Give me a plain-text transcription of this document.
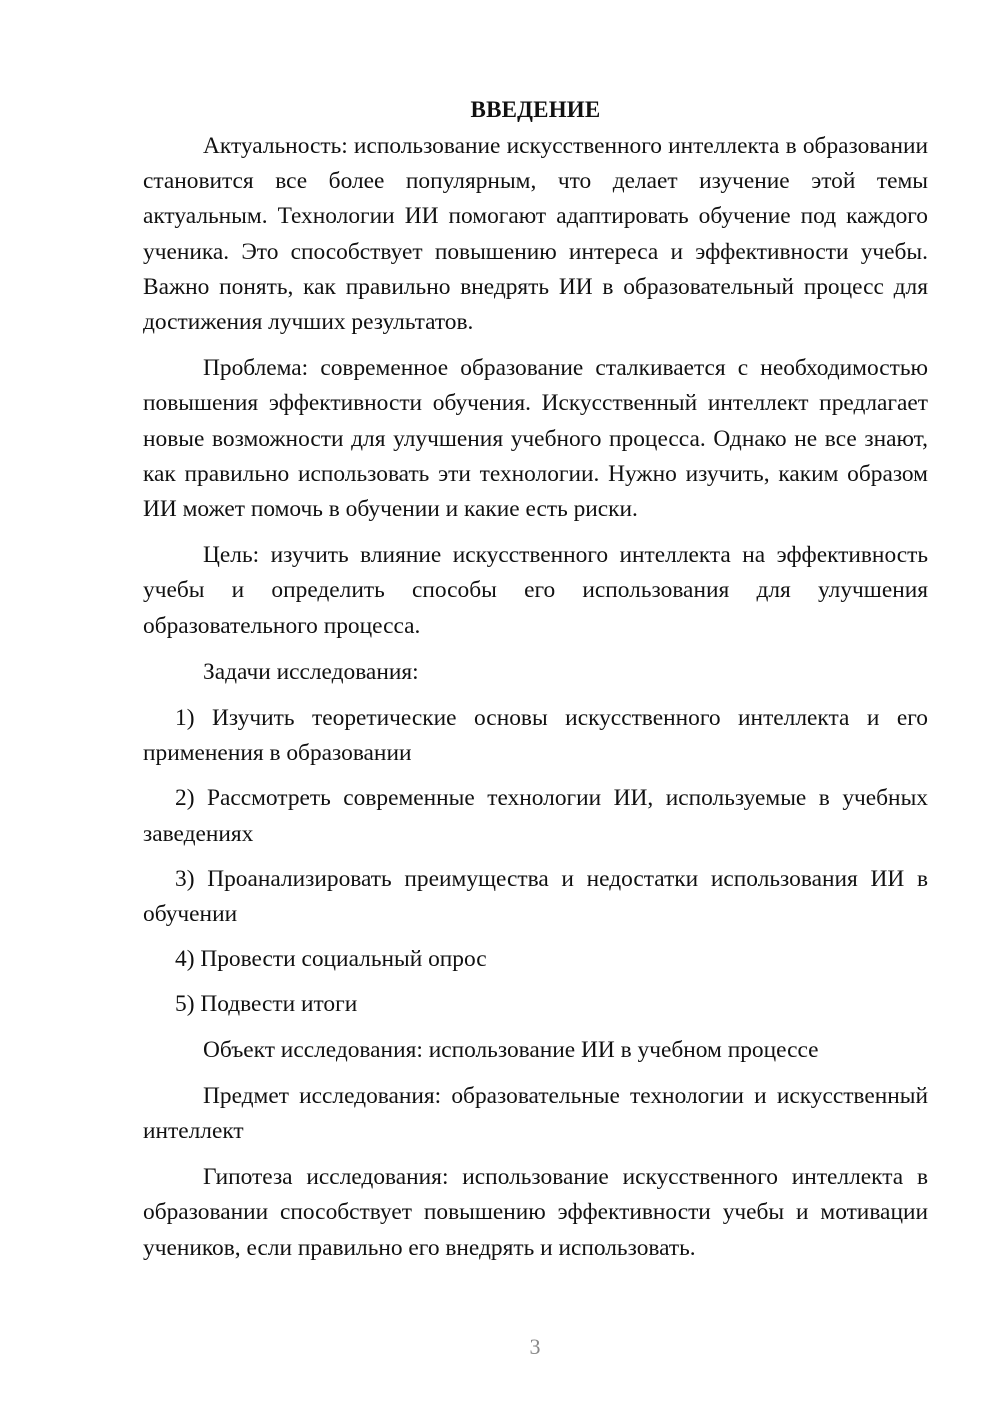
ВВЕДЕНИЕ

Актуальность: использование искусственного интеллекта в образовании становится все более популярным, что делает изучение этой темы актуальным. Технологии ИИ помогают адаптировать обучение под каждого ученика. Это способствует повышению интереса и эффективности учебы. Важно понять, как правильно внедрять ИИ в образовательный процесс для достижения лучших результатов.

Проблема: современное образование сталкивается с необходимостью повышения эффективности обучения. Искусственный интеллект предлагает новые возможности для улучшения учебного процесса. Однако не все знают, как правильно использовать эти технологии. Нужно изучить, каким образом ИИ может помочь в обучении и какие есть риски.

Цель: изучить влияние искусственного интеллекта на эффективность учебы и определить способы его использования для улучшения образовательного процесса.

Задачи исследования:

1) Изучить теоретические основы искусственного интеллекта и его применения в образовании

2) Рассмотреть современные технологии ИИ, используемые в учебных заведениях

3) Проанализировать преимущества и недостатки использования ИИ в обучении

4) Провести социальный опрос

5) Подвести итоги

Объект исследования: использование ИИ в учебном процессе

Предмет исследования: образовательные технологии и искусственный интеллект

Гипотеза исследования: использование искусственного интеллекта в образовании способствует повышению эффективности учебы и мотивации учеников, если правильно его внедрять и использовать.

3
